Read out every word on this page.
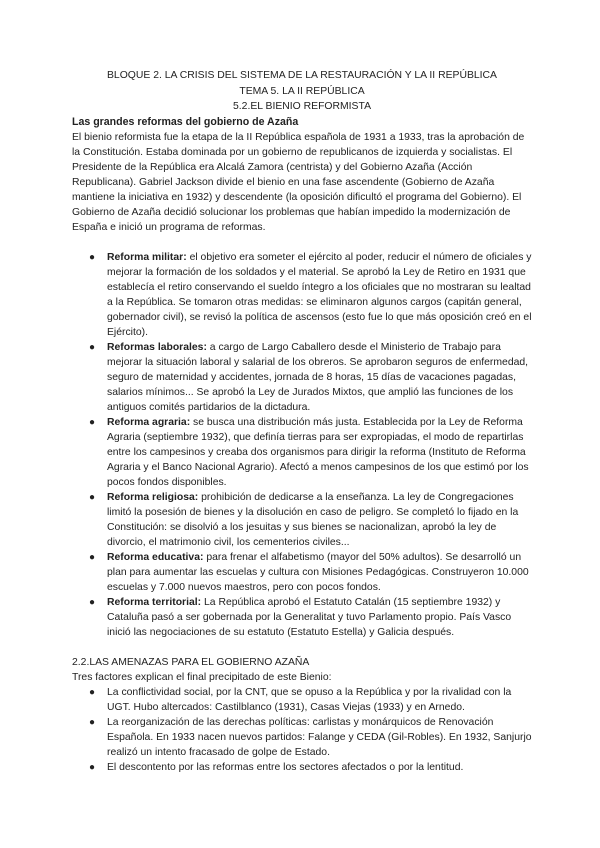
BLOQUE 2. LA CRISIS DEL SISTEMA DE LA RESTAURACIÓN Y LA II REPÚBLICA
TEMA 5. LA II REPÚBLICA
5.2.EL BIENIO REFORMISTA
Las grandes reformas del gobierno de Azaña

El bienio reformista fue la etapa de la II República española de 1931 a 1933, tras la aprobación de la Constitución. Estaba dominada por un gobierno de republicanos de izquierda y socialistas. El Presidente de la República era Alcalá Zamora (centrista) y del Gobierno Azaña (Acción Republicana). Gabriel Jackson divide el bienio en una fase ascendente (Gobierno de Azaña mantiene la iniciativa en 1932) y descendente (la oposición dificultó el programa del Gobierno). El Gobierno de Azaña decidió solucionar los problemas que habían impedido la modernización de España e inició un programa de reformas.

● Reforma militar: el objetivo era someter el ejército al poder, reducir el número de oficiales y mejorar la formación de los soldados y el material. Se aprobó la Ley de Retiro en 1931 que establecía el retiro conservando el sueldo íntegro a los oficiales que no mostraran su lealtad a la República. Se tomaron otras medidas: se eliminaron algunos cargos (capitán general, gobernador civil), se revisó la política de ascensos (esto fue lo que más oposición creó en el Ejército).
● Reformas laborales: a cargo de Largo Caballero desde el Ministerio de Trabajo para mejorar la situación laboral y salarial de los obreros. Se aprobaron seguros de enfermedad, seguro de maternidad y accidentes, jornada de 8 horas, 15 días de vacaciones pagadas, salarios mínimos... Se aprobó la Ley de Jurados Mixtos, que amplió las funciones de los antiguos comités partidarios de la dictadura.
● Reforma agraria: se busca una distribución más justa. Establecida por la Ley de Reforma Agraria (septiembre 1932), que definía tierras para ser expropiadas, el modo de repartirlas entre los campesinos y creaba dos organismos para dirigir la reforma (Instituto de Reforma Agraria y el Banco Nacional Agrario). Afectó a menos campesinos de los que estimó por los pocos fondos disponibles.
● Reforma religiosa: prohibición de dedicarse a la enseñanza. La ley de Congregaciones limitó la posesión de bienes y la disolución en caso de peligro. Se completó lo fijado en la Constitución: se disolvió a los jesuitas y sus bienes se nacionalizan, aprobó la ley de divorcio, el matrimonio civil, los cementerios civiles...
● Reforma educativa: para frenar el alfabetismo (mayor del 50% adultos). Se desarrolló un plan para aumentar las escuelas y cultura con Misiones Pedagógicas. Construyeron 10.000 escuelas y 7.000 nuevos maestros, pero con pocos fondos.
● Reforma territorial: La República aprobó el Estatuto Catalán (15 septiembre 1932) y Cataluña pasó a ser gobernada por la Generalitat y tuvo Parlamento propio. País Vasco inició las negociaciones de su estatuto (Estatuto Estella) y Galicia después.
2.2.LAS AMENAZAS PARA EL GOBIERNO AZAÑA

Tres factores explican el final precipitado de este Bienio:

● La conflictividad social, por la CNT, que se opuso a la República y por la rivalidad con la UGT. Hubo altercados: Castilblanco (1931), Casas Viejas (1933) y en Arnedo.
● La reorganización de las derechas políticas: carlistas y monárquicos de Renovación Española. En 1933 nacen nuevos partidos: Falange y CEDA (Gil-Robles). En 1932, Sanjurjo realizó un intento fracasado de golpe de Estado.
● El descontento por las reformas entre los sectores afectados o por la lentitud.
